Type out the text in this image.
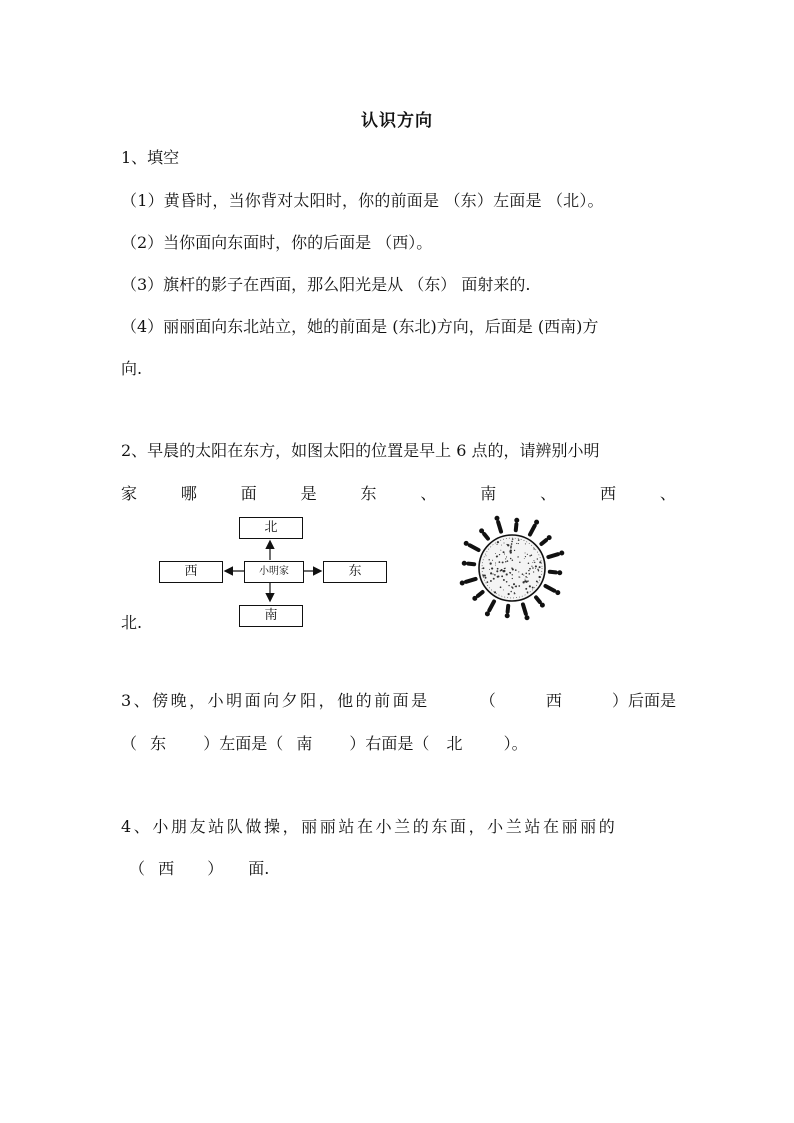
认识方向
1、填空
（1）黄昏时，当你背对太阳时，你的前面是 （东）左面是 （北）。
（2）当你面向东面时，你的后面是 （西）。
（3）旗杆的影子在西面，那么阳光是从 （东） 面射来的.
（4）丽丽面向东北站立，她的前面是 (东北)方向，后面是 (西南)方
向.
2、早晨的太阳在东方，如图太阳的位置是早上 6 点的，请辨别小明
家	哪	面	是	东	、	南	、	西	、
北.
北
西	小明家	东
南
3、傍晚，小明面向夕阳，他的前面是	（	西	）后面是
（ 东 ）左面是（ 南 ）右面是（ 北	）。
4、小朋友站队做操，丽丽站在小兰的东面，小兰站在丽丽的
（ 西 ） 面.
